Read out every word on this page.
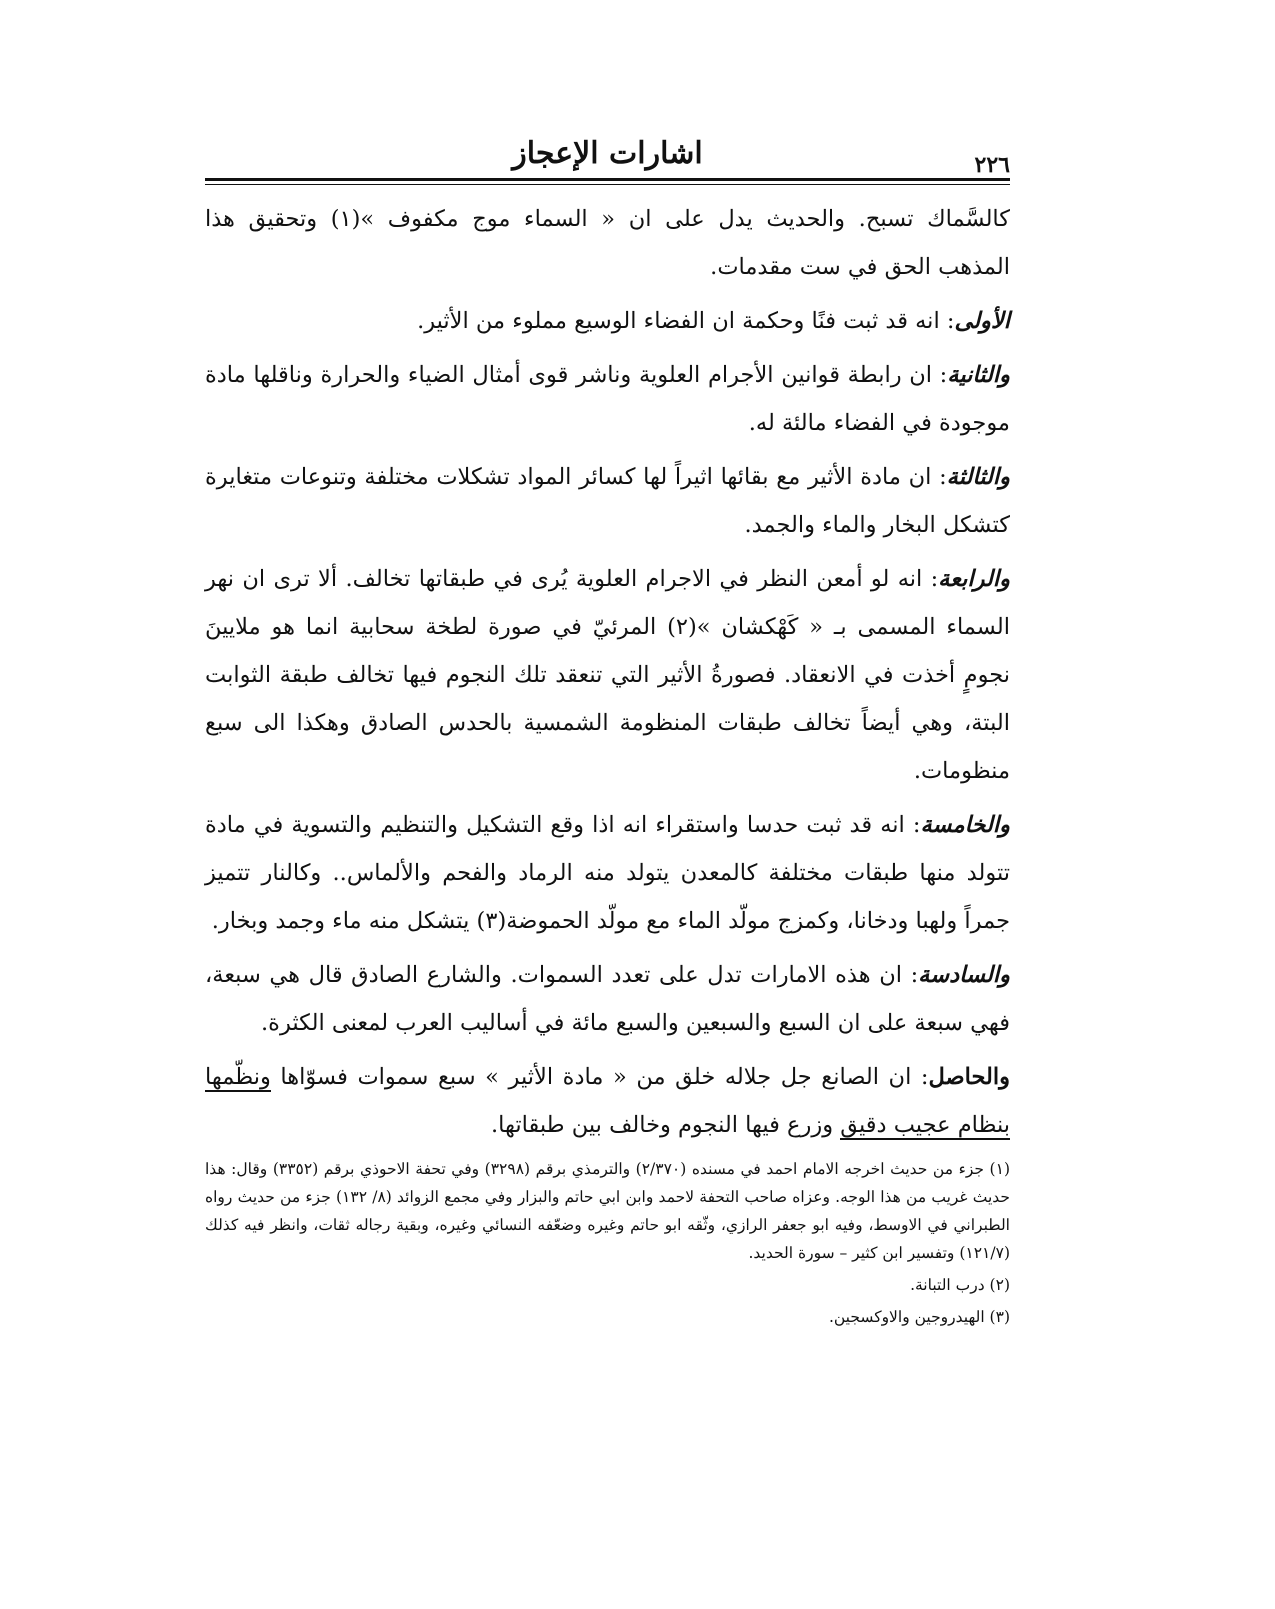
٢٢٦
اشارات الإعجاز

كالسَّماك تسبح. والحديث يدل على ان « السماء موج مكفوف »(١) وتحقيق هذا المذهب الحق في ست مقدمات.

الأولى: انه قد ثبت فنًا وحكمة ان الفضاء الوسيع مملوء من الأثير.

والثانية: ان رابطة قوانين الأجرام العلوية وناشر قوى أمثال الضياء والحرارة وناقلها مادة موجودة في الفضاء مالئة له.

والثالثة: ان مادة الأثير مع بقائها اثيراً لها كسائر المواد تشكلات مختلفة وتنوعات متغايرة كتشكل البخار والماء والجمد.

والرابعة: انه لو أمعن النظر في الاجرام العلوية يُرى في طبقاتها تخالف. ألا ترى ان نهر السماء المسمى بـ « كَهْكشان »(٢) المرئيّ في صورة لطخة سحابية انما هو ملايينَ نجومٍ أخذت في الانعقاد. فصورةُ الأثير التي تنعقد تلك النجوم فيها تخالف طبقة الثوابت البتة، وهي أيضاً تخالف طبقات المنظومة الشمسية بالحدس الصادق وهكذا الى سبع منظومات.

والخامسة: انه قد ثبت حدسا واستقراء انه اذا وقع التشكيل والتنظيم والتسوية في مادة تتولد منها طبقات مختلفة كالمعدن يتولد منه الرماد والفحم والألماس.. وكالنار تتميز جمراً ولهبا ودخانا، وكمزج مولّد الماء مع مولّد الحموضة(٣) يتشكل منه ماء وجمد وبخار.

والسادسة: ان هذه الامارات تدل على تعدد السموات. والشارع الصادق قال هي سبعة، فهي سبعة على ان السبع والسبعين والسبع مائة في أساليب العرب لمعنى الكثرة.

والحاصل: ان الصانع جل جلاله خلق من « مادة الأثير » سبع سموات فسوّاها ونظّمها بنظام عجيب دقيق وزرع فيها النجوم وخالف بين طبقاتها.

(١) جزء من حديث اخرجه الامام احمد في مسنده (٢/٣٧٠) والترمذي برقم (٣٢٩٨) وفي تحفة الاحوذي برقم (٣٣٥٢) وقال: هذا حديث غريب من هذا الوجه. وعزاه صاحب التحفة لاحمد وابن ابي حاتم والبزار وفي مجمع الزوائد (٨/ ١٣٢) جزء من حديث رواه الطبراني في الاوسط، وفيه ابو جعفر الرازي، وثّقه ابو حاتم وغيره وضعّفه النسائي وغيره، وبقية رجاله ثقات، وانظر فيه كذلك (١٢١/٧) وتفسير ابن كثير – سورة الحديد.

(٢) درب التبانة.

(٣) الهيدروجين والاوكسجين.
